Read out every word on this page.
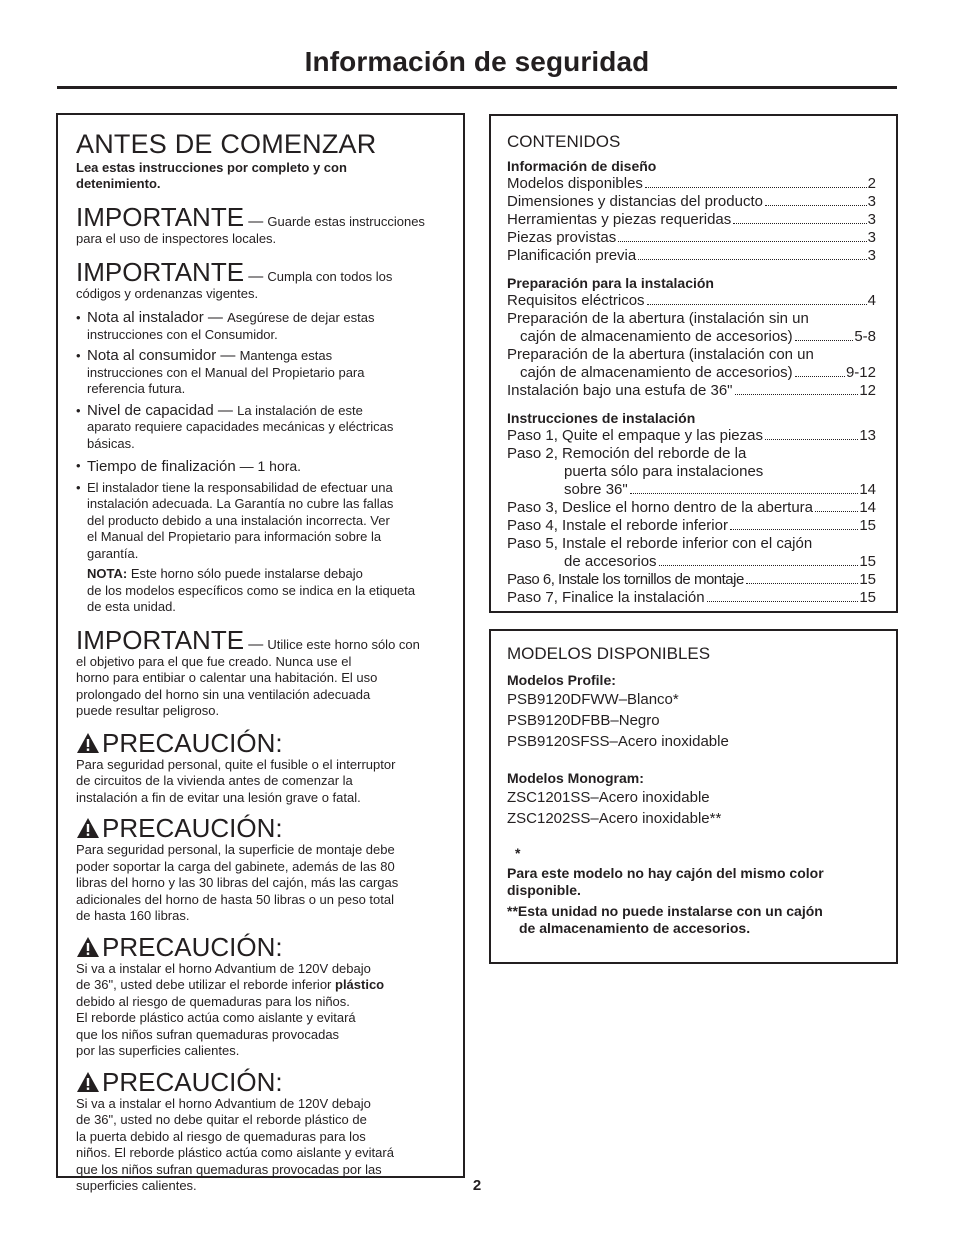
Información de seguridad
ANTES DE COMENZAR
Lea estas instrucciones por completo y con
detenimiento.
IMPORTANTE — Guarde estas instrucciones
para el uso de inspectores locales.
IMPORTANTE — Cumpla con todos los
códigos y ordenanzas vigentes.
• Nota al instalador — Asegúrese de dejar estas
instrucciones con el Consumidor.
• Nota al consumidor — Mantenga estas
instrucciones con el Manual del Propietario para
referencia futura.
• Nivel de capacidad — La instalación de este
aparato requiere capacidades mecánicas y eléctricas
básicas.
• Tiempo de finalización — 1 hora.
• El instalador tiene la responsabilidad de efectuar una
instalación adecuada. La Garantía no cubre las fallas
del producto debido a una instalación incorrecta. Ver
el Manual del Propietario para información sobre la
garantía.
NOTA: Este horno sólo puede instalarse debajo
de los modelos específicos como se indica en la etiqueta
de esta unidad.
IMPORTANTE — Utilice este horno sólo con
el objetivo para el que fue creado. Nunca use el
horno para entibiar o calentar una habitación. El uso
prolongado del horno sin una ventilación adecuada
puede resultar peligroso.
PRECAUCIÓN:
Para seguridad personal, quite el fusible o el interruptor
de circuitos de la vivienda antes de comenzar la
instalación a fin de evitar una lesión grave o fatal.
PRECAUCIÓN:
Para seguridad personal, la superficie de montaje debe
poder soportar la carga del gabinete, además de las 80
libras del horno y las 30 libras del cajón, más las cargas
adicionales del horno de hasta 50 libras o un peso total
de hasta 160 libras.
PRECAUCIÓN:
Si va a instalar el horno Advantium de 120V debajo
de 36", usted debe utilizar el reborde inferior plástico
debido al riesgo de quemaduras para los niños.
El reborde plástico actúa como aislante y evitará
que los niños sufran quemaduras provocadas
por las superficies calientes.
PRECAUCIÓN:
Si va a instalar el horno Advantium de 120V debajo
de 36", usted no debe quitar el reborde plástico de
la puerta debido al riesgo de quemaduras para los
niños. El reborde plástico actúa como aislante y evitará
que los niños sufran quemaduras provocadas por las
superficies calientes.
CONTENIDOS
Información de diseño
Modelos disponibles	2
Dimensiones y distancias del producto	3
Herramientas y piezas requeridas	3
Piezas provistas	3
Planificación previa	3
Preparación para la instalación
Requisitos eléctricos	4
Preparación de la abertura (instalación sin un
cajón de almacenamiento de accesorios)	5-8
Preparación de la abertura (instalación con un
cajón de almacenamiento de accesorios)	9-12
Instalación bajo una estufa de 36"	12
Instrucciones de instalación
Paso 1, Quite el empaque y las piezas	13
Paso 2, Remoción del reborde de la
puerta sólo para instalaciones
sobre 36"	14
Paso 3, Deslice el horno dentro de la abertura	14
Paso 4, Instale el reborde inferior	15
Paso 5, Instale el reborde inferior con el cajón
de accesorios	15
Paso 6, Instale los tornillos de montaje	15
Paso 7, Finalice la instalación	15
MODELOS DISPONIBLES
Modelos Profile:
PSB9120DFWW–Blanco*
PSB9120DFBB–Negro
PSB9120SFSS–Acero inoxidable
Modelos Monogram:
ZSC1201SS–Acero inoxidable
ZSC1202SS–Acero inoxidable**
*
Para este modelo no hay cajón del mismo color
disponible.
**Esta unidad no puede instalarse con un cajón
de almacenamiento de accesorios.
2
